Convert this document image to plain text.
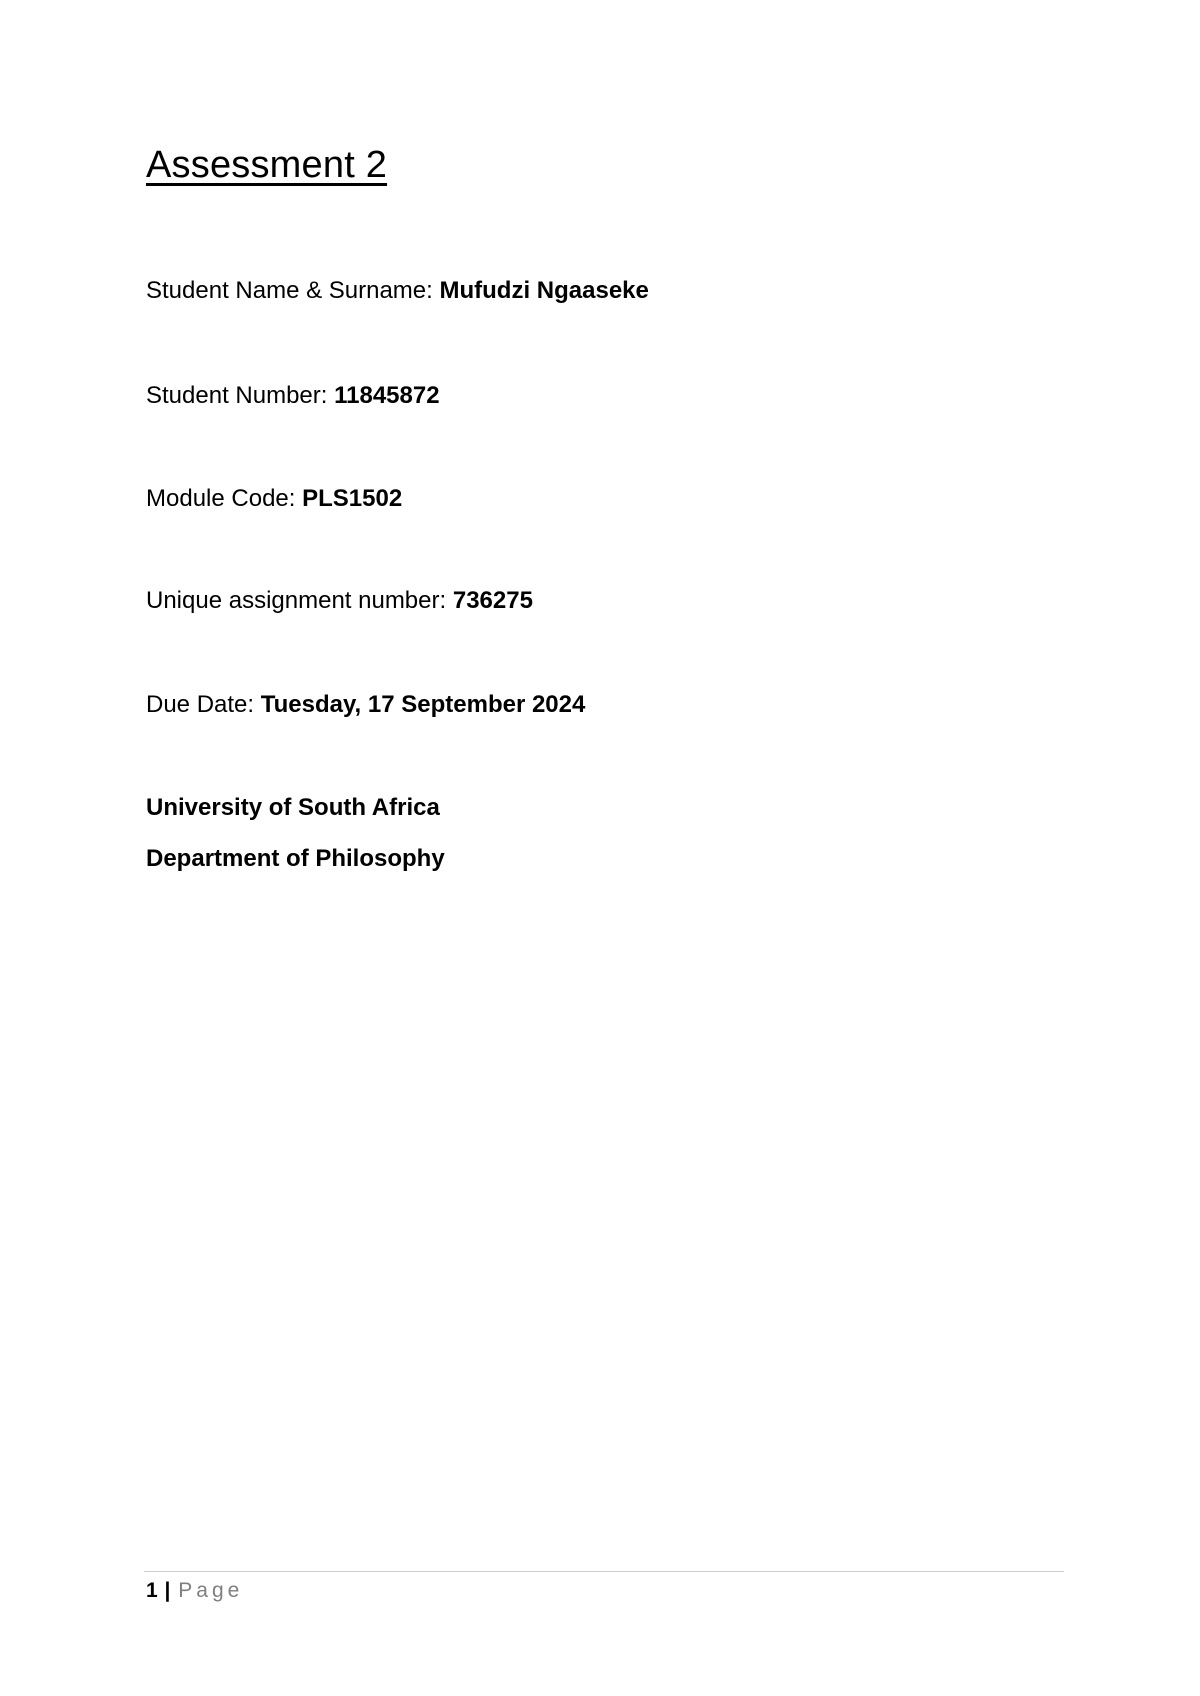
Assessment 2

Student Name & Surname: Mufudzi Ngaaseke

Student Number: 11845872

Module Code: PLS1502

Unique assignment number: 736275

Due Date: Tuesday, 17 September 2024

University of South Africa

Department of Philosophy

1 | Page
